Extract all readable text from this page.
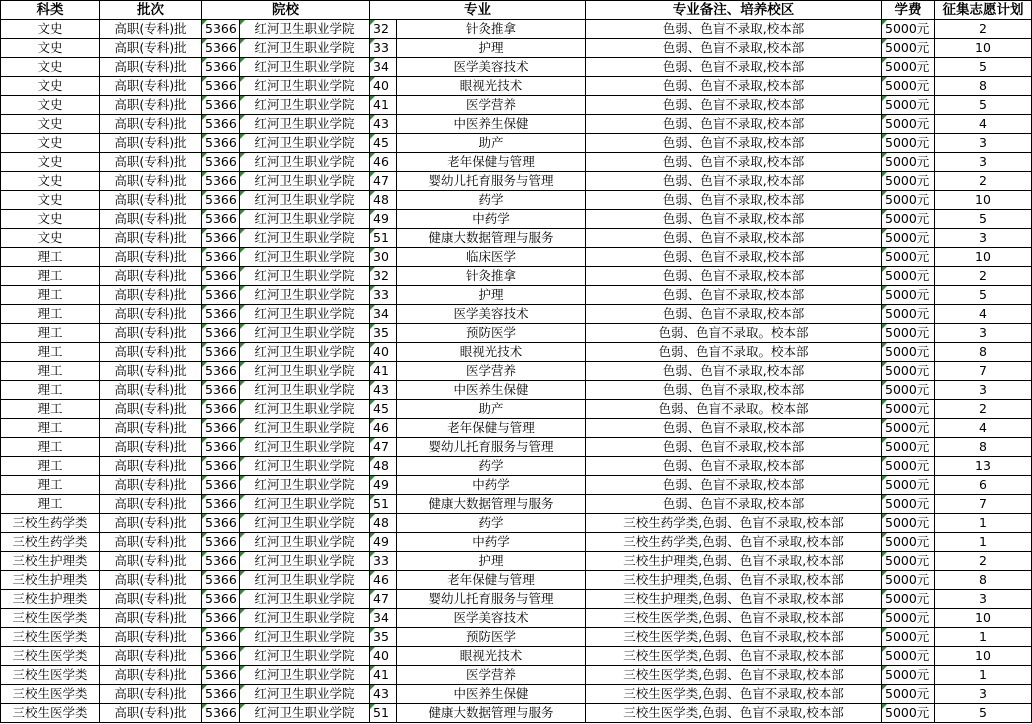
科类	批次	院校		专业		专业备注、培养校区	学费	征集志愿计划
文史	高职(专科)批	5366	红河卫生职业学院	32	针灸推拿	色弱、色盲不录取,校本部	5000元	2
文史	高职(专科)批	5366	红河卫生职业学院	33	护理	色弱、色盲不录取,校本部	5000元	10
文史	高职(专科)批	5366	红河卫生职业学院	34	医学美容技术	色弱、色盲不录取,校本部	5000元	5
文史	高职(专科)批	5366	红河卫生职业学院	40	眼视光技术	色弱、色盲不录取,校本部	5000元	8
文史	高职(专科)批	5366	红河卫生职业学院	41	医学营养	色弱、色盲不录取,校本部	5000元	5
文史	高职(专科)批	5366	红河卫生职业学院	43	中医养生保健	色弱、色盲不录取,校本部	5000元	4
文史	高职(专科)批	5366	红河卫生职业学院	45	助产	色弱、色盲不录取,校本部	5000元	3
文史	高职(专科)批	5366	红河卫生职业学院	46	老年保健与管理	色弱、色盲不录取,校本部	5000元	3
文史	高职(专科)批	5366	红河卫生职业学院	47	婴幼儿托育服务与管理	色弱、色盲不录取,校本部	5000元	2
文史	高职(专科)批	5366	红河卫生职业学院	48	药学	色弱、色盲不录取,校本部	5000元	10
文史	高职(专科)批	5366	红河卫生职业学院	49	中药学	色弱、色盲不录取,校本部	5000元	5
文史	高职(专科)批	5366	红河卫生职业学院	51	健康大数据管理与服务	色弱、色盲不录取,校本部	5000元	3
理工	高职(专科)批	5366	红河卫生职业学院	30	临床医学	色弱、色盲不录取,校本部	5000元	10
理工	高职(专科)批	5366	红河卫生职业学院	32	针灸推拿	色弱、色盲不录取,校本部	5000元	2
理工	高职(专科)批	5366	红河卫生职业学院	33	护理	色弱、色盲不录取,校本部	5000元	5
理工	高职(专科)批	5366	红河卫生职业学院	34	医学美容技术	色弱、色盲不录取,校本部	5000元	4
理工	高职(专科)批	5366	红河卫生职业学院	35	预防医学	色弱、色盲不录取。校本部	5000元	3
理工	高职(专科)批	5366	红河卫生职业学院	40	眼视光技术	色弱、色盲不录取。校本部	5000元	8
理工	高职(专科)批	5366	红河卫生职业学院	41	医学营养	色弱、色盲不录取,校本部	5000元	7
理工	高职(专科)批	5366	红河卫生职业学院	43	中医养生保健	色弱、色盲不录取,校本部	5000元	3
理工	高职(专科)批	5366	红河卫生职业学院	45	助产	色弱、色盲不录取。校本部	5000元	2
理工	高职(专科)批	5366	红河卫生职业学院	46	老年保健与管理	色弱、色盲不录取,校本部	5000元	4
理工	高职(专科)批	5366	红河卫生职业学院	47	婴幼儿托育服务与管理	色弱、色盲不录取,校本部	5000元	8
理工	高职(专科)批	5366	红河卫生职业学院	48	药学	色弱、色盲不录取,校本部	5000元	13
理工	高职(专科)批	5366	红河卫生职业学院	49	中药学	色弱、色盲不录取,校本部	5000元	6
理工	高职(专科)批	5366	红河卫生职业学院	51	健康大数据管理与服务	色弱、色盲不录取,校本部	5000元	7
三校生药学类	高职(专科)批	5366	红河卫生职业学院	48	药学	三校生药学类,色弱、色盲不录取,校本部	5000元	1
三校生药学类	高职(专科)批	5366	红河卫生职业学院	49	中药学	三校生药学类,色弱、色盲不录取,校本部	5000元	1
三校生护理类	高职(专科)批	5366	红河卫生职业学院	33	护理	三校生护理类,色弱、色盲不录取,校本部	5000元	2
三校生护理类	高职(专科)批	5366	红河卫生职业学院	46	老年保健与管理	三校生护理类,色弱、色盲不录取,校本部	5000元	8
三校生护理类	高职(专科)批	5366	红河卫生职业学院	47	婴幼儿托育服务与管理	三校生护理类,色弱、色盲不录取,校本部	5000元	3
三校生医学类	高职(专科)批	5366	红河卫生职业学院	34	医学美容技术	三校生医学类,色弱、色盲不录取,校本部	5000元	10
三校生医学类	高职(专科)批	5366	红河卫生职业学院	35	预防医学	三校生医学类,色弱、色盲不录取,校本部	5000元	1
三校生医学类	高职(专科)批	5366	红河卫生职业学院	40	眼视光技术	三校生医学类,色弱、色盲不录取,校本部	5000元	10
三校生医学类	高职(专科)批	5366	红河卫生职业学院	41	医学营养	三校生医学类,色弱、色盲不录取,校本部	5000元	1
三校生医学类	高职(专科)批	5366	红河卫生职业学院	43	中医养生保健	三校生医学类,色弱、色盲不录取,校本部	5000元	3
三校生医学类	高职(专科)批	5366	红河卫生职业学院	51	健康大数据管理与服务	三校生医学类,色弱、色盲不录取,校本部	5000元	5
